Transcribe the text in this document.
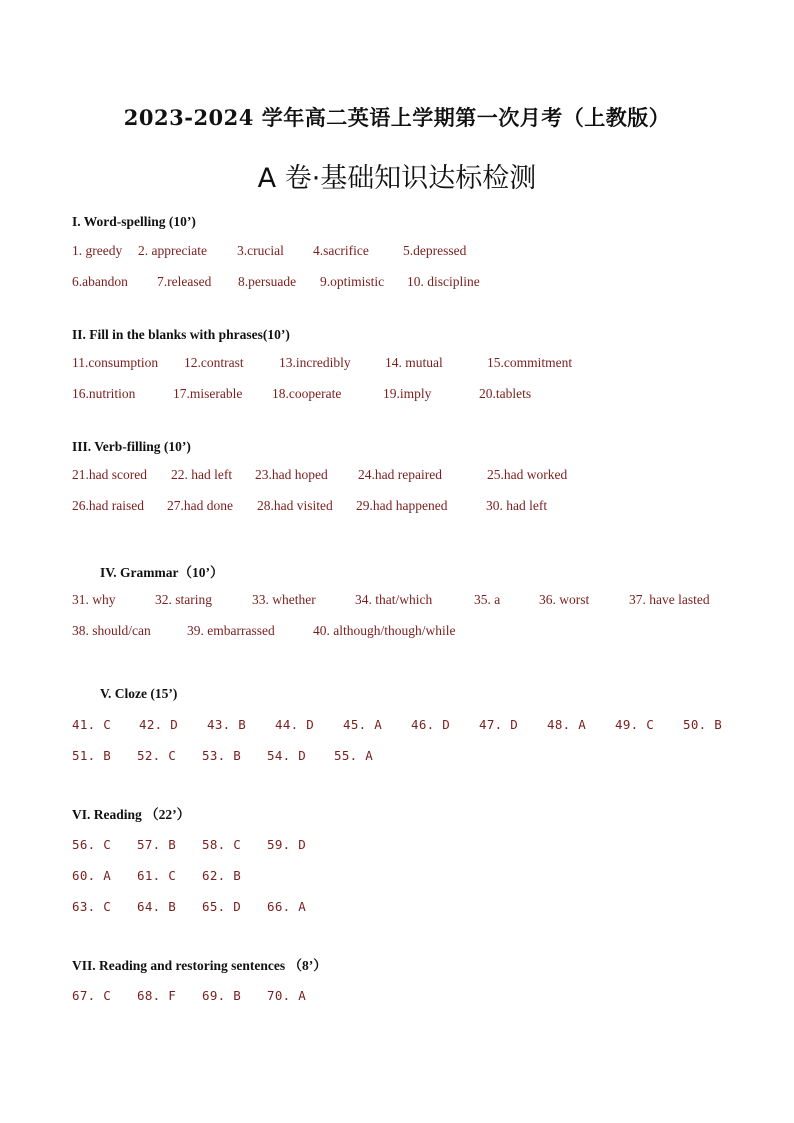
2023-2024 学年高二英语上学期第一次月考（上教版）
A 卷·基础知识达标检测
I. Word-spelling (10’)
1. greedy 2. appreciate 3.crucial 4.sacrifice	5.depressed
6.abandon 7.released 8.persuade 9.optimistic 10. discipline
II. Fill in the blanks with phrases(10’)
11.consumption 12.contrast	13.incredibly	14. mutual	15.commitment
16.nutrition	17.miserable 18.cooperate	19.imply	20.tablets
III. Verb-filling (10’)
21.had scored 22. had left 23.had hoped 24.had repaired	25.had worked
26.had raised 27.had done 28.had visited 29.had happened	30. had left
IV. Grammar（10’）
31. why	32. staring	33. whether	34. that/which	35. a	36. worst	37. have lasted
38. should/can	39. embarrassed	40. although/though/while
V. Cloze (15’)
41. C 42. D 43. B 44. D 45. A 46. D 47. D 48. A 49. C 50. B
51. B 52. C 53. B 54. D 55. A
VI. Reading （22’）
56. C 57. B 58. C 59. D
60. A 61. C 62. B
63. C 64. B 65. D 66. A
VII. Reading and restoring sentences （8’）
67. C 68. F 69. B 70. A
